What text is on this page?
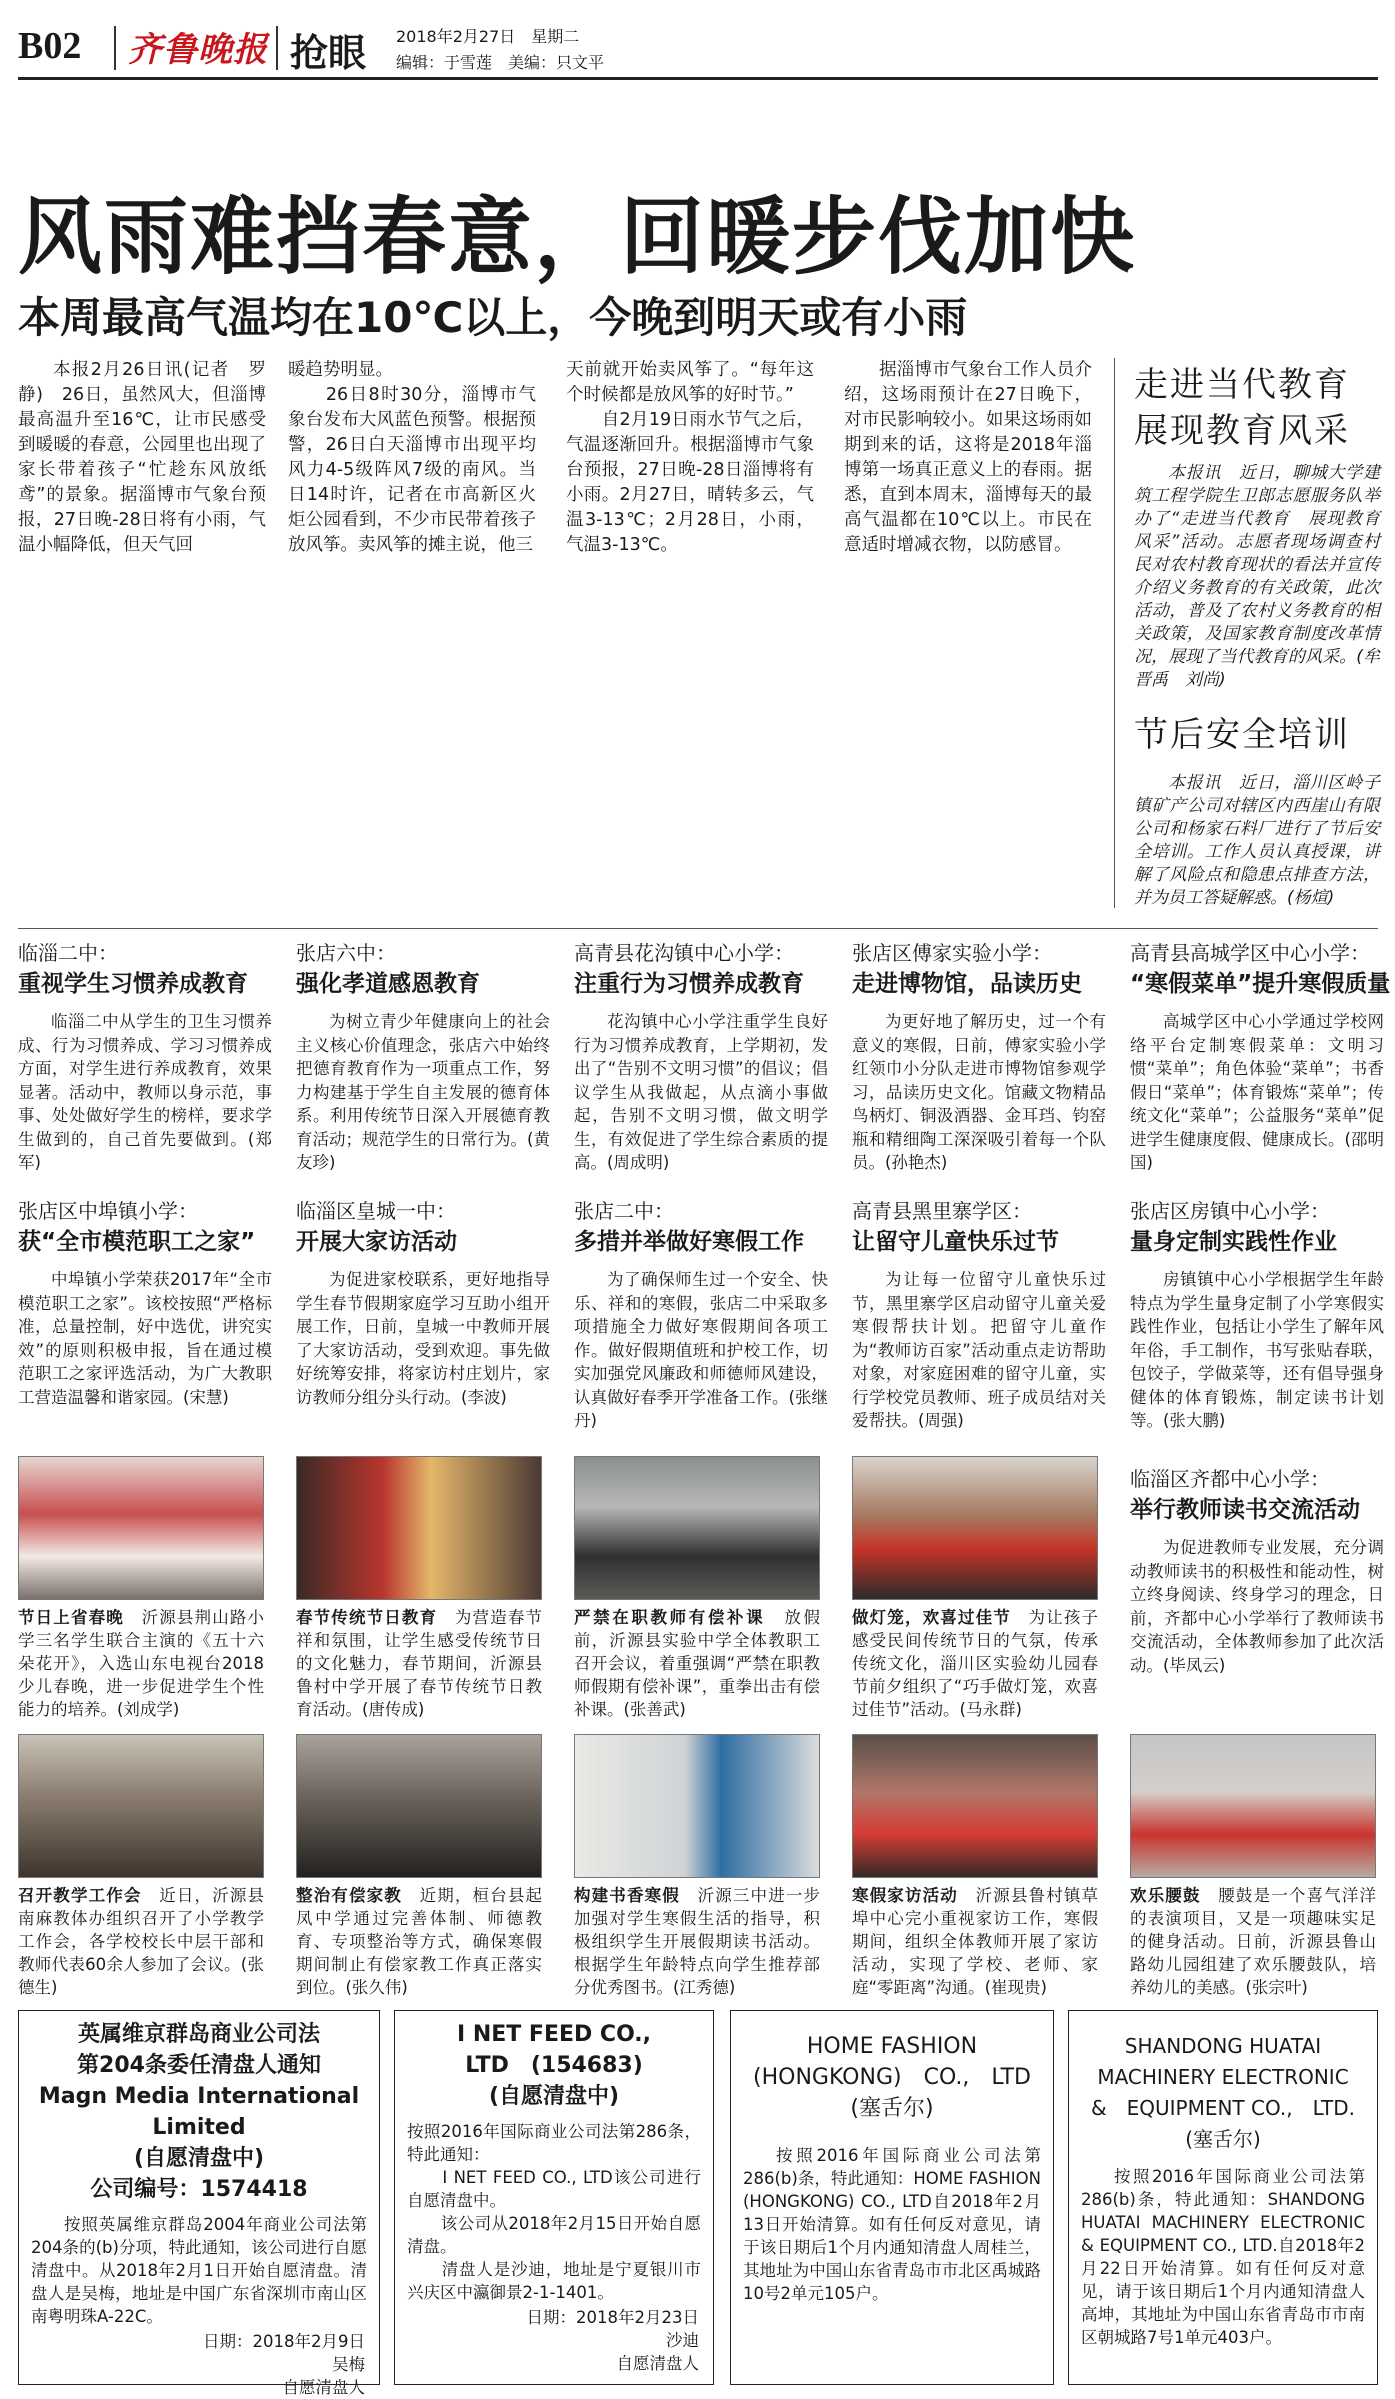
B02 齐鲁晚报 抢眼 2018年2月27日　星期二
编辑：于雪莲　美编：只文平
风雨难挡春意，回暖步伐加快
本周最高气温均在10℃以上，今晚到明天或有小雨

本报2月26日讯(记者　罗静)　26日，虽然风大，但淄博最高温升至16℃，让市民感受到暖暖的春意，公园里也出现了家长带着孩子“忙趁东风放纸鸢”的景象。据淄博市气象台预报，27日晚-28日将有小雨，气温小幅降低，但天气回

暖趋势明显。
　　26日8时30分，淄博市气象台发布大风蓝色预警。根据预警，26日白天淄博市出现平均风力4-5级阵风7级的南风。当日14时许，记者在市高新区火炬公园看到，不少市民带着孩子放风筝。卖风筝的摊主说，他三
天前就开始卖风筝了。“每年这个时候都是放风筝的好时节。”
　　自2月19日雨水节气之后，气温逐渐回升。根据淄博市气象台预报，27日晚-28日淄博将有小雨。2月27日，晴转多云，气温3-13℃；2月28日，小雨，气温3-13℃。

据淄博市气象台工作人员介绍，这场雨预计在27日晚下，对市民影响较小。如果这场雨如期到来的话，这将是2018年淄博第一场真正意义上的春雨。据悉，直到本周末，淄博每天的最高气温都在10℃以上。市民在意适时增减衣物，以防感冒。

走进当代教育
展现教育风采

本报讯　近日，聊城大学建筑工程学院生卫郎志愿服务队举办了“走进当代教育　展现教育风采”活动。志愿者现场调查村民对农村教育现状的看法并宣传介绍义务教育的有关政策，此次活动，普及了农村义务教育的相关政策，及国家教育制度改革情况，展现了当代教育的风采。(牟晋禹　刘尚)

节后安全培训

本报讯　近日，淄川区岭子镇矿产公司对辖区内西崖山有限公司和杨家石料厂进行了节后安全培训。工作人员认真授课，讲解了风险点和隐患点排查方法，并为员工答疑解惑。(杨煊)

临淄二中：
重视学生习惯养成教育

临淄二中从学生的卫生习惯养成、行为习惯养成、学习习惯养成方面，对学生进行养成教育，效果显著。活动中，教师以身示范，事事、处处做好学生的榜样，要求学生做到的，自己首先要做到。(郑军)

张店六中：
强化孝道感恩教育

为树立青少年健康向上的社会主义核心价值理念，张店六中始终把德育教育作为一项重点工作，努力构建基于学生自主发展的德育体系。利用传统节日深入开展德育教育活动；规范学生的日常行为。(黄友珍)

高青县花沟镇中心小学：
注重行为习惯养成教育

花沟镇中心小学注重学生良好行为习惯养成教育，上学期初，发出了“告别不文明习惯”的倡议；倡议学生从我做起，从点滴小事做起，告别不文明习惯，做文明学生，有效促进了学生综合素质的提高。(周成明)

张店区傅家实验小学：
走进博物馆，品读历史

为更好地了解历史，过一个有意义的寒假，日前，傅家实验小学红领巾小分队走进市博物馆参观学习，品读历史文化。馆藏文物精品鸟柄灯、铜汲酒器、金耳珰、钧窑瓶和精细陶工深深吸引着每一个队员。(孙艳杰)

高青县高城学区中心小学：
“寒假菜单”提升寒假质量

高城学区中心小学通过学校网络平台定制寒假菜单：文明习惯“菜单”；角色体验“菜单”；书香假日“菜单”；体育锻炼“菜单”；传统文化“菜单”；公益服务“菜单”促进学生健康度假、健康成长。(邵明国)

张店区中埠镇小学：
获“全市模范职工之家”

中埠镇小学荣获2017年“全市模范职工之家”。该校按照“严格标准，总量控制，好中选优，讲究实效”的原则积极申报，旨在通过模范职工之家评选活动，为广大教职工营造温馨和谐家园。(宋慧)

临淄区皇城一中：
开展大家访活动

为促进家校联系，更好地指导学生春节假期家庭学习互助小组开展工作，日前，皇城一中教师开展了大家访活动，受到欢迎。事先做好统筹安排，将家访村庄划片，家访教师分组分头行动。(李波)

张店二中：
多措并举做好寒假工作

为了确保师生过一个安全、快乐、祥和的寒假，张店二中采取多项措施全力做好寒假期间各项工作。做好假期值班和护校工作，切实加强党风廉政和师德师风建设，认真做好春季开学准备工作。(张继丹)

高青县黑里寨学区：
让留守儿童快乐过节

为让每一位留守儿童快乐过节，黑里寨学区启动留守儿童关爱寒假帮扶计划。把留守儿童作为“教师访百家”活动重点走访帮助对象，对家庭困难的留守儿童，实行学校党员教师、班子成员结对关爱帮扶。(周强)

张店区房镇中心小学：
量身定制实践性作业

房镇镇中心小学根据学生年龄特点为学生量身定制了小学寒假实践性作业，包括让小学生了解年风年俗，手工制作，书写张贴春联，包饺子，学做菜等，还有倡导强身健体的体育锻炼，制定读书计划等。(张大鹏)

节日上省春晚　 沂源县荆山路小学三名学生联合主演的《五十六朵花开》，入选山东电视台2018少儿春晚，进一步促进学生个性能力的培养。(刘成学)
春节传统节日教育　 为营造春节祥和氛围，让学生感受传统节日的文化魅力，春节期间，沂源县鲁村中学开展了春节传统节日教育活动。(唐传成)
严禁在职教师有偿补课　 放假前，沂源县实验中学全体教职工召开会议，着重强调“严禁在职教师假期有偿补课”，重拳出击有偿补课。(张善武)
做灯笼，欢喜过佳节　 为让孩子感受民间传统节日的气氛，传承传统文化，淄川区实验幼儿园春节前夕组织了“巧手做灯笼，欢喜过佳节”活动。(马永群)
临淄区齐都中心小学：
举行教师读书交流活动

为促进教师专业发展，充分调动教师读书的积极性和能动性，树立终身阅读、终身学习的理念，日前，齐都中心小学举行了教师读书交流活动，全体教师参加了此次活动。(毕凤云)

召开教学工作会　 近日，沂源县南麻教体办组织召开了小学教学工作会，各学校校长中层干部和教师代表60余人参加了会议。(张德生)
整治有偿家教　 近期，桓台县起凤中学通过完善体制、师德教育、专项整治等方式，确保寒假期间制止有偿家教工作真正落实到位。(张久伟)
构建书香寒假　 沂源三中进一步加强对学生寒假生活的指导，积极组织学生开展假期读书活动。根据学生年龄特点向学生推荐部分优秀图书。(江秀德)
寒假家访活动　 沂源县鲁村镇草埠中心完小重视家访工作，寒假期间，组织全体教师开展了家访活动，实现了学校、老师、家庭“零距离”沟通。(崔现贵)
欢乐腰鼓　 腰鼓是一个喜气洋洋的表演项目，又是一项趣味实足的健身活动。日前，沂源县鲁山路幼儿园组建了欢乐腰鼓队，培养幼儿的美感。(张宗叶)
英属维京群岛商业公司法
第204条委任清盘人通知
Magn Media International Limited
(自愿清盘中)
公司编号：1574418

按照英属维京群岛2004年商业公司法第204条的(b)分项，特此通知，该公司进行自愿清盘中。从2018年2月1日开始自愿清盘。清盘人是吴梅，地址是中国广东省深圳市南山区南粤明珠A-22C。

日期：2018年2月9日
吴梅
自愿清盘人
I NET FEED CO.,
LTD　(154683)
(自愿清盘中)
按照2016年国际商业公司法第286条，特此通知：
　　I NET FEED CO., LTD该公司进行自愿清盘中。
　　该公司从2018年2月15日开始自愿清盘。
　　清盘人是沙迪，地址是宁夏银川市兴庆区中瀛御景2-1-1401。
日期：2018年2月23日
沙迪
自愿清盘人
HOME FASHION
(HONGKONG)　CO.,　LTD
(塞舌尔)

按照2016年国际商业公司法第286(b)条，特此通知：HOME FASHION (HONGKONG) CO., LTD自2018年2月13日开始清算。如有任何反对意见，请于该日期后1个月内通知清盘人周桂兰，其地址为中国山东省青岛市市北区禹城路10号2单元105户。

SHANDONG HUATAI
MACHINERY ELECTRONIC
&　EQUIPMENT CO.,　LTD.
(塞舌尔)

按照2016年国际商业公司法第286(b)条，特此通知：SHANDONG HUATAI MACHINERY ELECTRONIC & EQUIPMENT CO., LTD.自2018年2月22日开始清算。如有任何反对意见，请于该日期后1个月内通知清盘人高坤，其地址为中国山东省青岛市市南区朝城路7号1单元403户。
